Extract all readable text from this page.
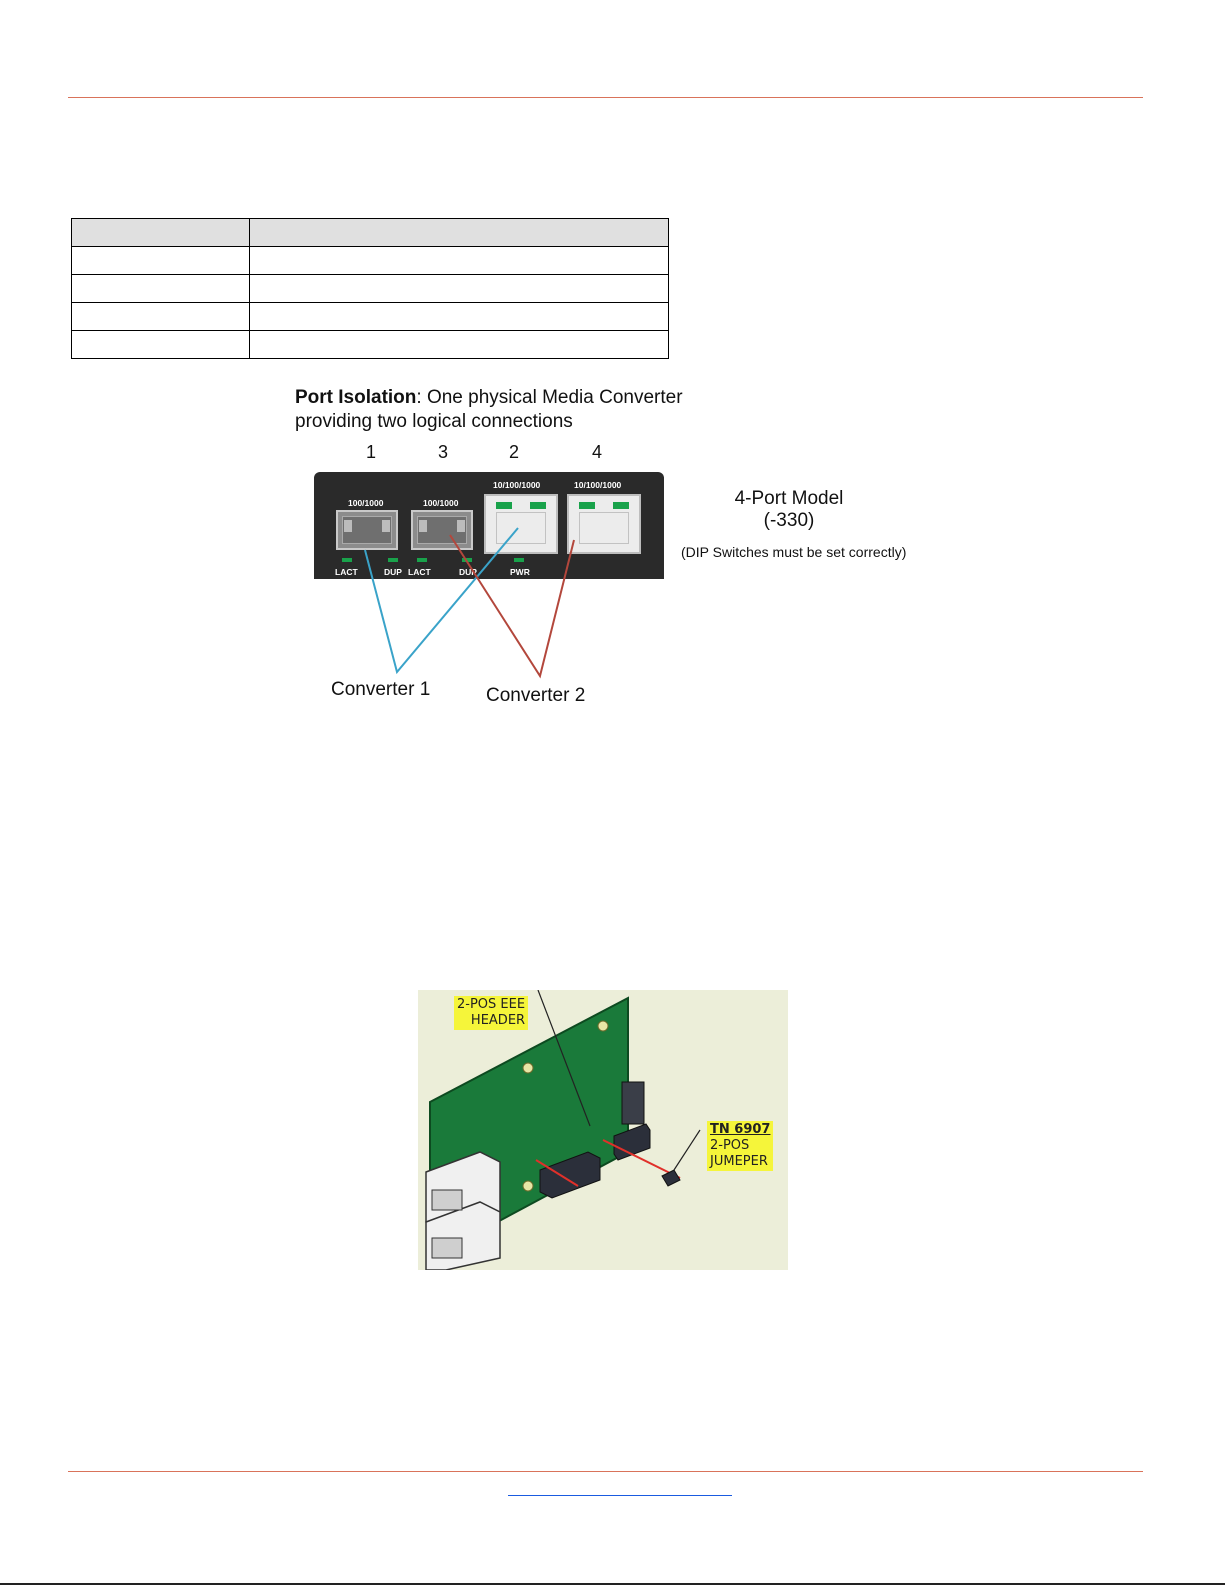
Port Isolation: One physical Media Converter
providing two logical connections
1	3	2	4
100/1000	100/1000
10/100/1000	10/100/1000
LACT	DUP LACT	DUP	PWR
4-Port Model
(-330)
(DIP Switches must be set correctly)
Converter 1	Converter 2
2-POS EEE
HEADER
TN 6907
2-POS
JUMEPER
